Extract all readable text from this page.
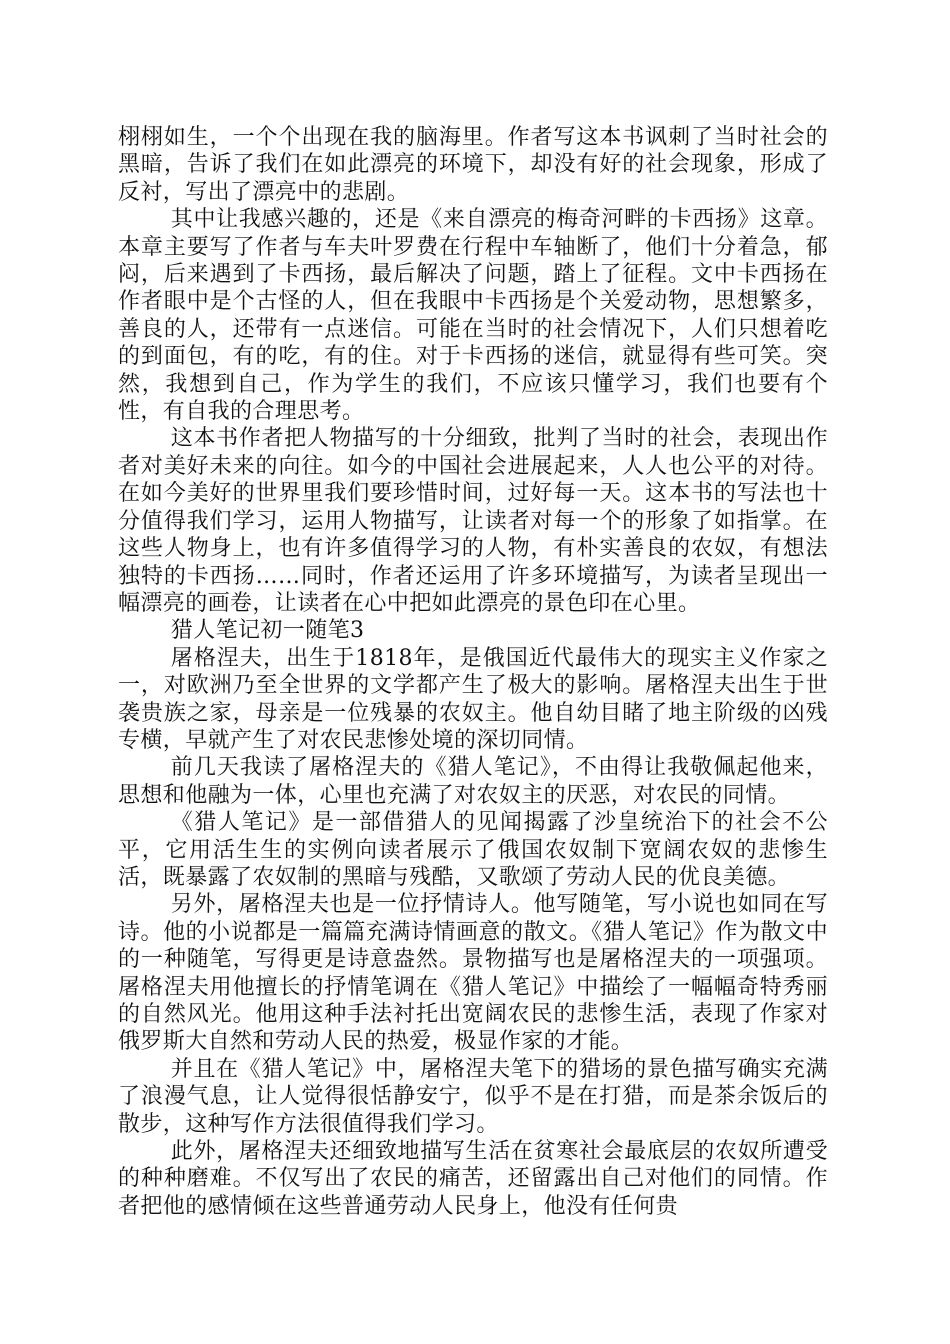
栩栩如生，一个个出现在我的脑海里。作者写这本书讽刺了当时社会的黑暗，告诉了我们在如此漂亮的环境下，却没有好的社会现象，形成了反衬，写出了漂亮中的悲剧。

其中让我感兴趣的，还是《来自漂亮的梅奇河畔的卡西扬》这章。本章主要写了作者与车夫叶罗费在行程中车轴断了，他们十分着急，郁闷，后来遇到了卡西扬，最后解决了问题，踏上了征程。文中卡西扬在作者眼中是个古怪的人，但在我眼中卡西扬是个关爱动物，思想繁多，善良的人，还带有一点迷信。可能在当时的社会情况下，人们只想着吃的到面包，有的吃，有的住。对于卡西扬的迷信，就显得有些可笑。突然，我想到自己，作为学生的我们，不应该只懂学习，我们也要有个性，有自我的合理思考。

这本书作者把人物描写的十分细致，批判了当时的社会，表现出作者对美好未来的向往。如今的中国社会进展起来，人人也公平的对待。在如今美好的世界里我们要珍惜时间，过好每一天。这本书的写法也十分值得我们学习，运用人物描写，让读者对每一个的形象了如指掌。在这些人物身上，也有许多值得学习的人物，有朴实善良的农奴，有想法独特的卡西扬……同时，作者还运用了许多环境描写，为读者呈现出一幅漂亮的画卷，让读者在心中把如此漂亮的景色印在心里。

猎人笔记初一随笔3

屠格涅夫，出生于1818年，是俄国近代最伟大的现实主义作家之一，对欧洲乃至全世界的文学都产生了极大的影响。屠格涅夫出生于世袭贵族之家，母亲是一位残暴的农奴主。他自幼目睹了地主阶级的凶残专横，早就产生了对农民悲惨处境的深切同情。

前几天我读了屠格涅夫的《猎人笔记》，不由得让我敬佩起他来，思想和他融为一体，心里也充满了对农奴主的厌恶，对农民的同情。

《猎人笔记》是一部借猎人的见闻揭露了沙皇统治下的社会不公平，它用活生生的实例向读者展示了俄国农奴制下宽阔农奴的悲惨生活，既暴露了农奴制的黑暗与残酷，又歌颂了劳动人民的优良美德。

另外，屠格涅夫也是一位抒情诗人。他写随笔，写小说也如同在写诗。他的小说都是一篇篇充满诗情画意的散文。《猎人笔记》作为散文中的一种随笔，写得更是诗意盎然。景物描写也是屠格涅夫的一项强项。屠格涅夫用他擅长的抒情笔调在《猎人笔记》中描绘了一幅幅奇特秀丽的自然风光。他用这种手法衬托出宽阔农民的悲惨生活，表现了作家对俄罗斯大自然和劳动人民的热爱，极显作家的才能。

并且在《猎人笔记》中，屠格涅夫笔下的猎场的景色描写确实充满了浪漫气息，让人觉得很恬静安宁，似乎不是在打猎，而是茶余饭后的散步，这种写作方法很值得我们学习。

此外，屠格涅夫还细致地描写生活在贫寒社会最底层的农奴所遭受的种种磨难。不仅写出了农民的痛苦，还留露出自己对他们的同情。作者把他的感情倾在这些普通劳动人民身上，他没有任何贵
